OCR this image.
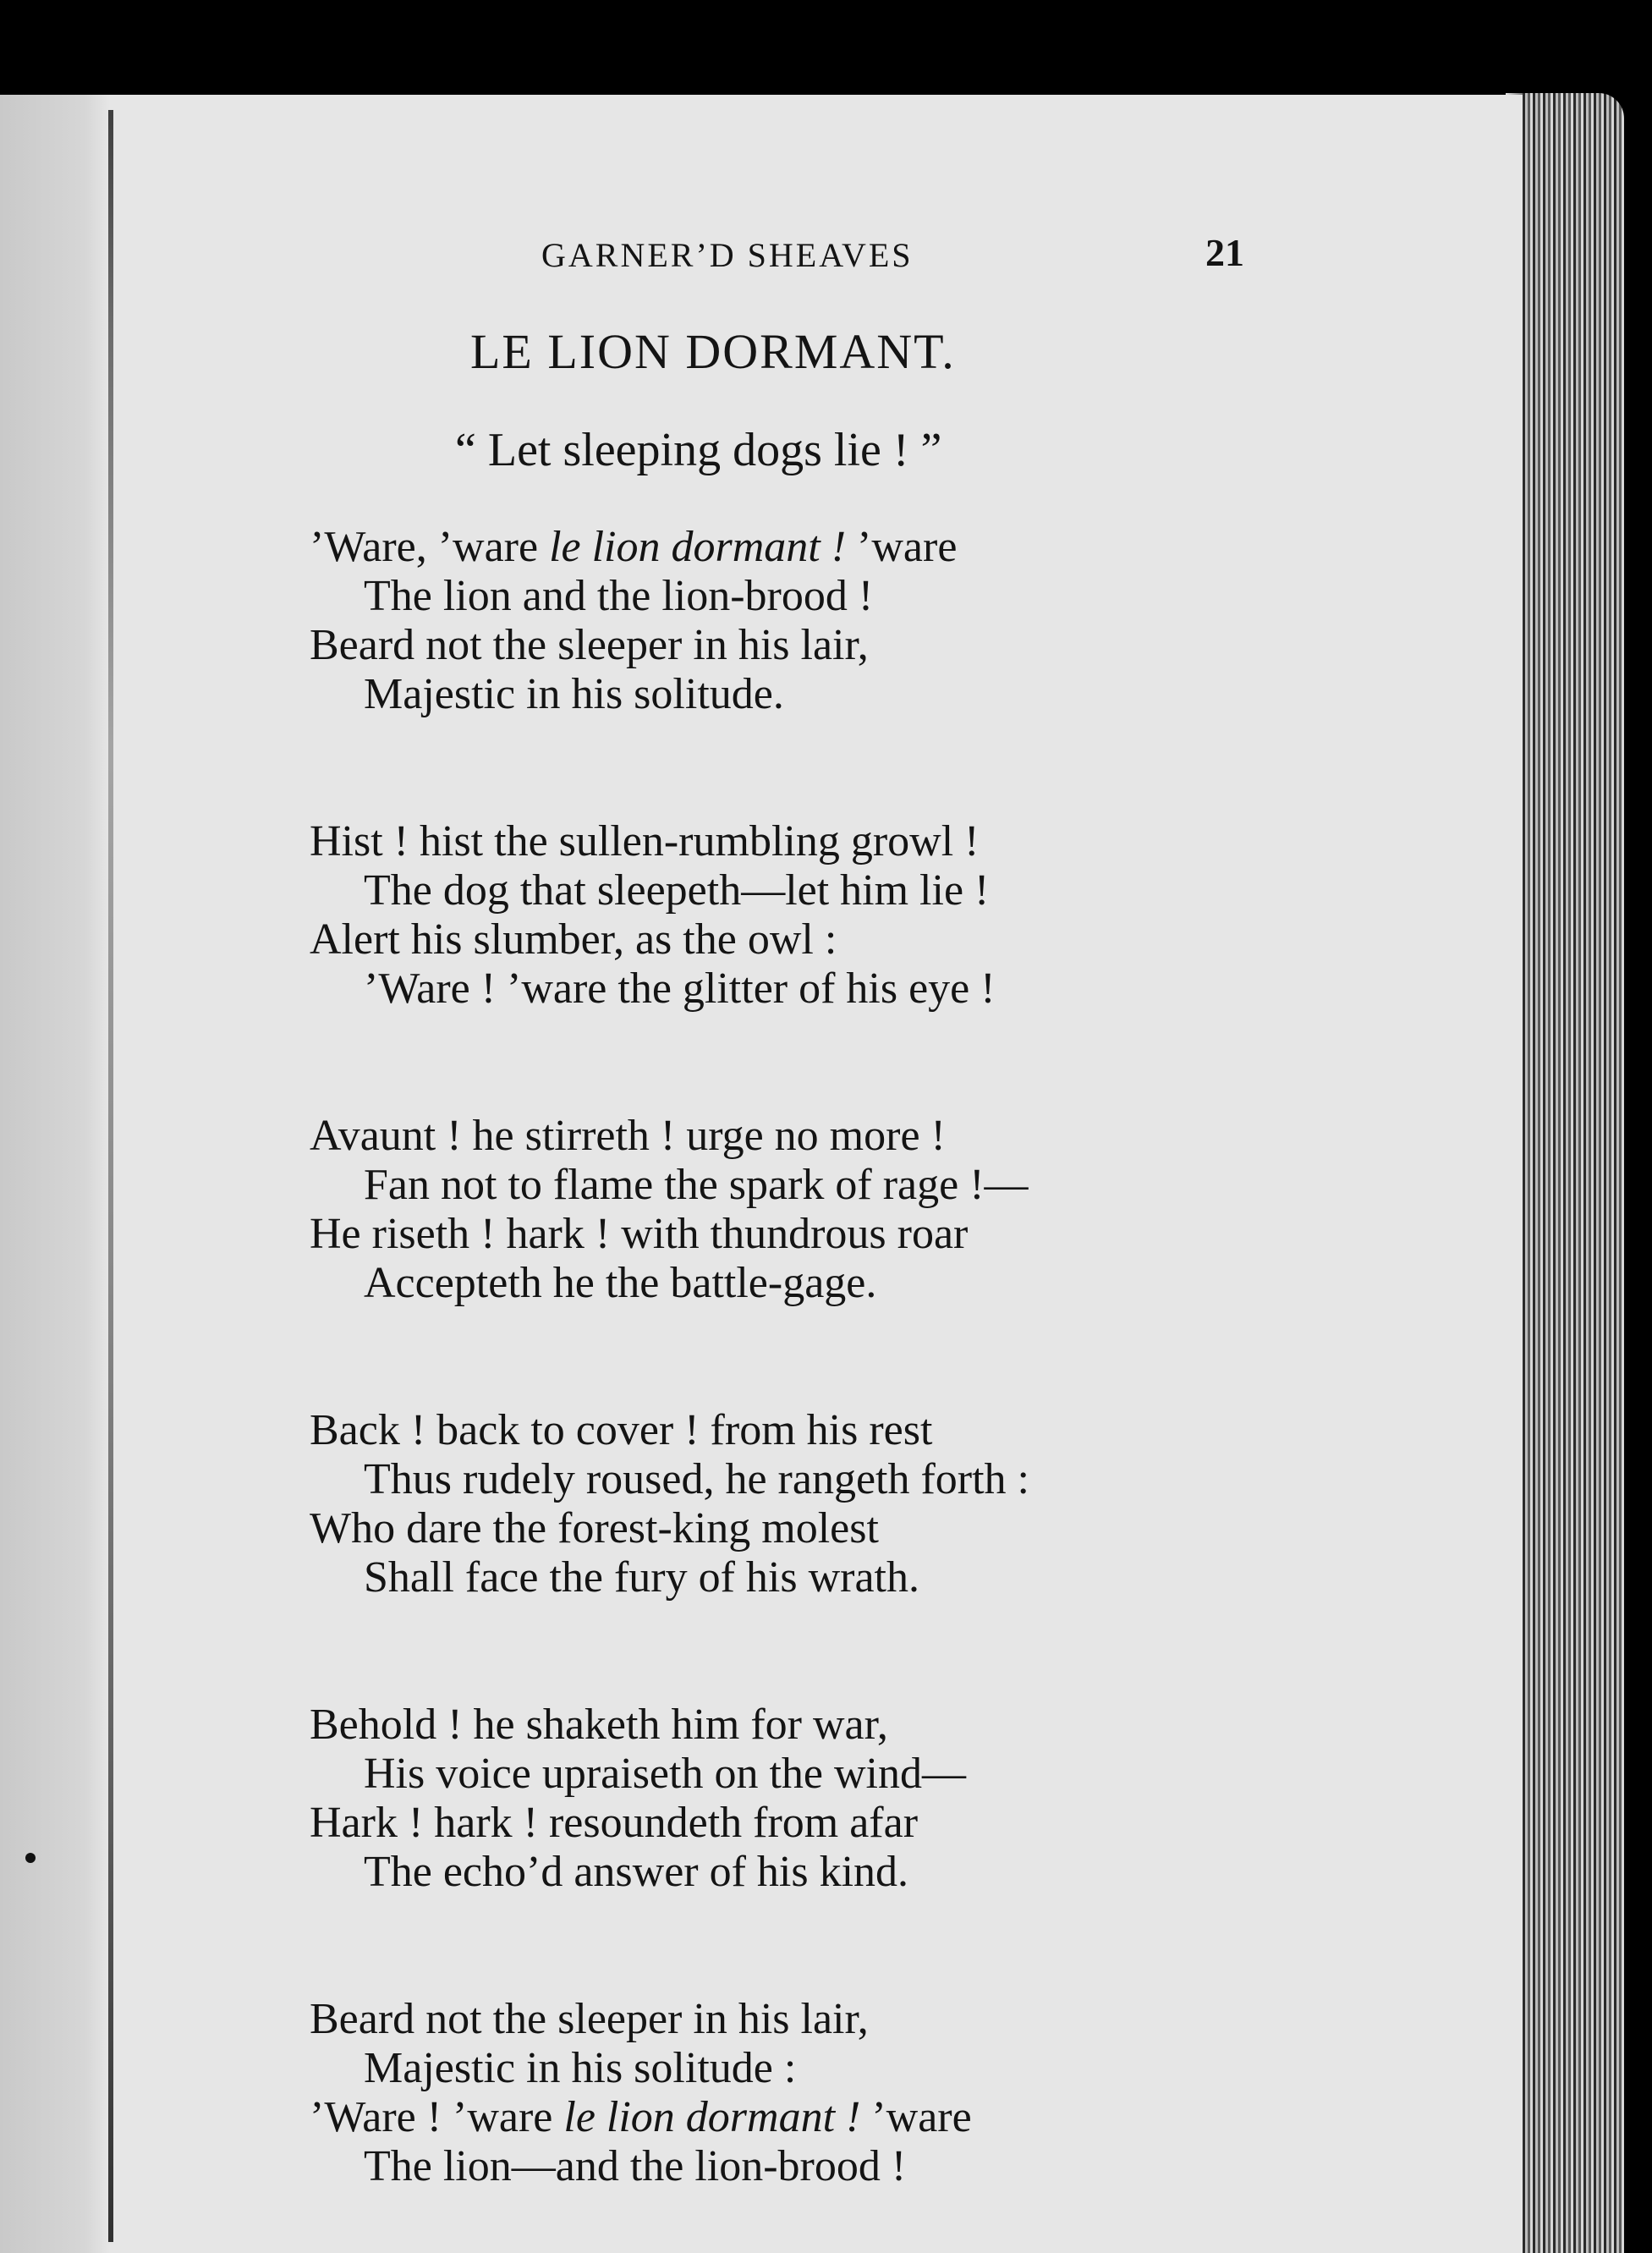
GARNER’D SHEAVES	21
LE LION DORMANT.
“ Let sleeping dogs lie ! ”
’Ware, ’ware le lion dormant ! ’ware
The lion and the lion-brood !
Beard not the sleeper in his lair,
Majestic in his solitude.
Hist ! hist the sullen-rumbling growl !
The dog that sleepeth—let him lie !
Alert his slumber, as the owl :
’Ware ! ’ware the glitter of his eye !
Avaunt ! he stirreth ! urge no more !
Fan not to flame the spark of rage !—
He riseth ! hark ! with thundrous roar
Accepteth he the battle-gage.
Back ! back to cover ! from his rest
Thus rudely roused, he rangeth forth :
Who dare the forest-king molest
Shall face the fury of his wrath.
Behold ! he shaketh him for war,
His voice upraiseth on the wind—
Hark ! hark ! resoundeth from afar
The echo’d answer of his kind.
Beard not the sleeper in his lair,
Majestic in his solitude :
’Ware ! ’ware le lion dormant ! ’ware
The lion—and the lion-brood !
